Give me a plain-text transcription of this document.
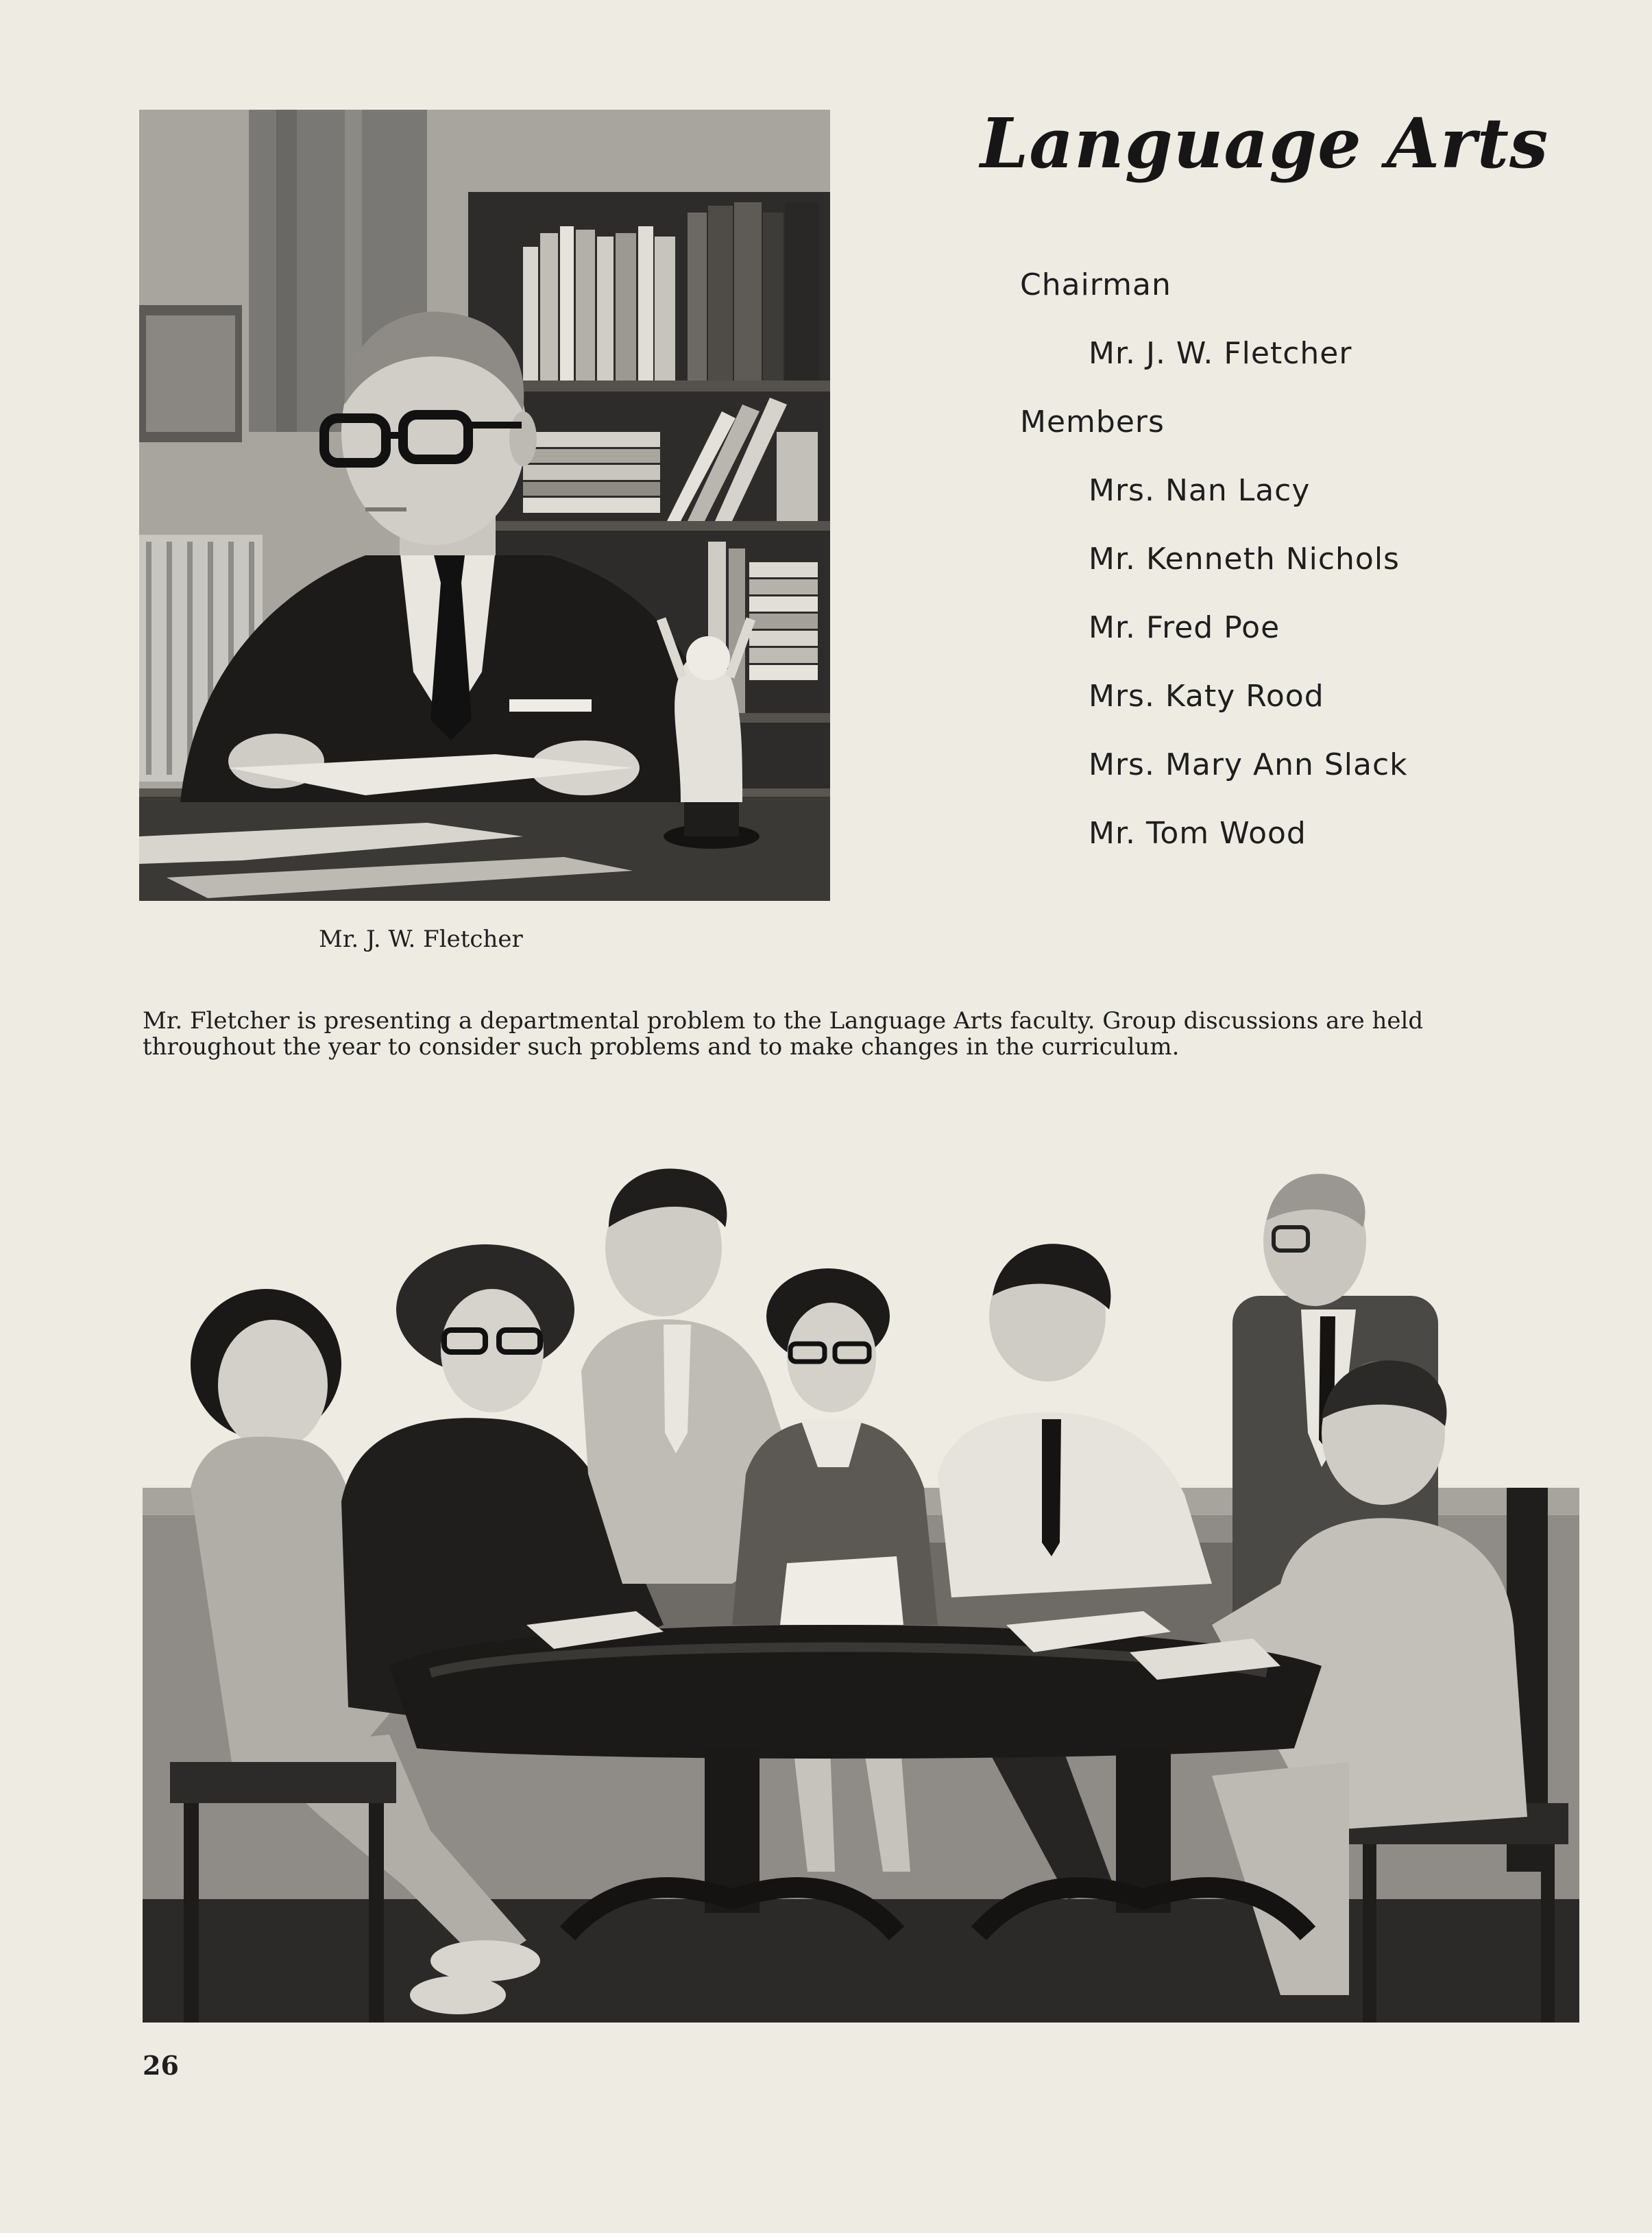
Language Arts
Chairman
Mr. J. W. Fletcher
Members
Mrs. Nan Lacy
Mr. Kenneth Nichols
Mr. Fred Poe
Mrs. Katy Rood
Mrs. Mary Ann Slack
Mr. Tom Wood
Mr. J. W. Fletcher
Mr. Fletcher is presenting a departmental problem to the Language Arts faculty. Group discussions are held throughout the year to consider such problems and to make changes in the curriculum.
26
